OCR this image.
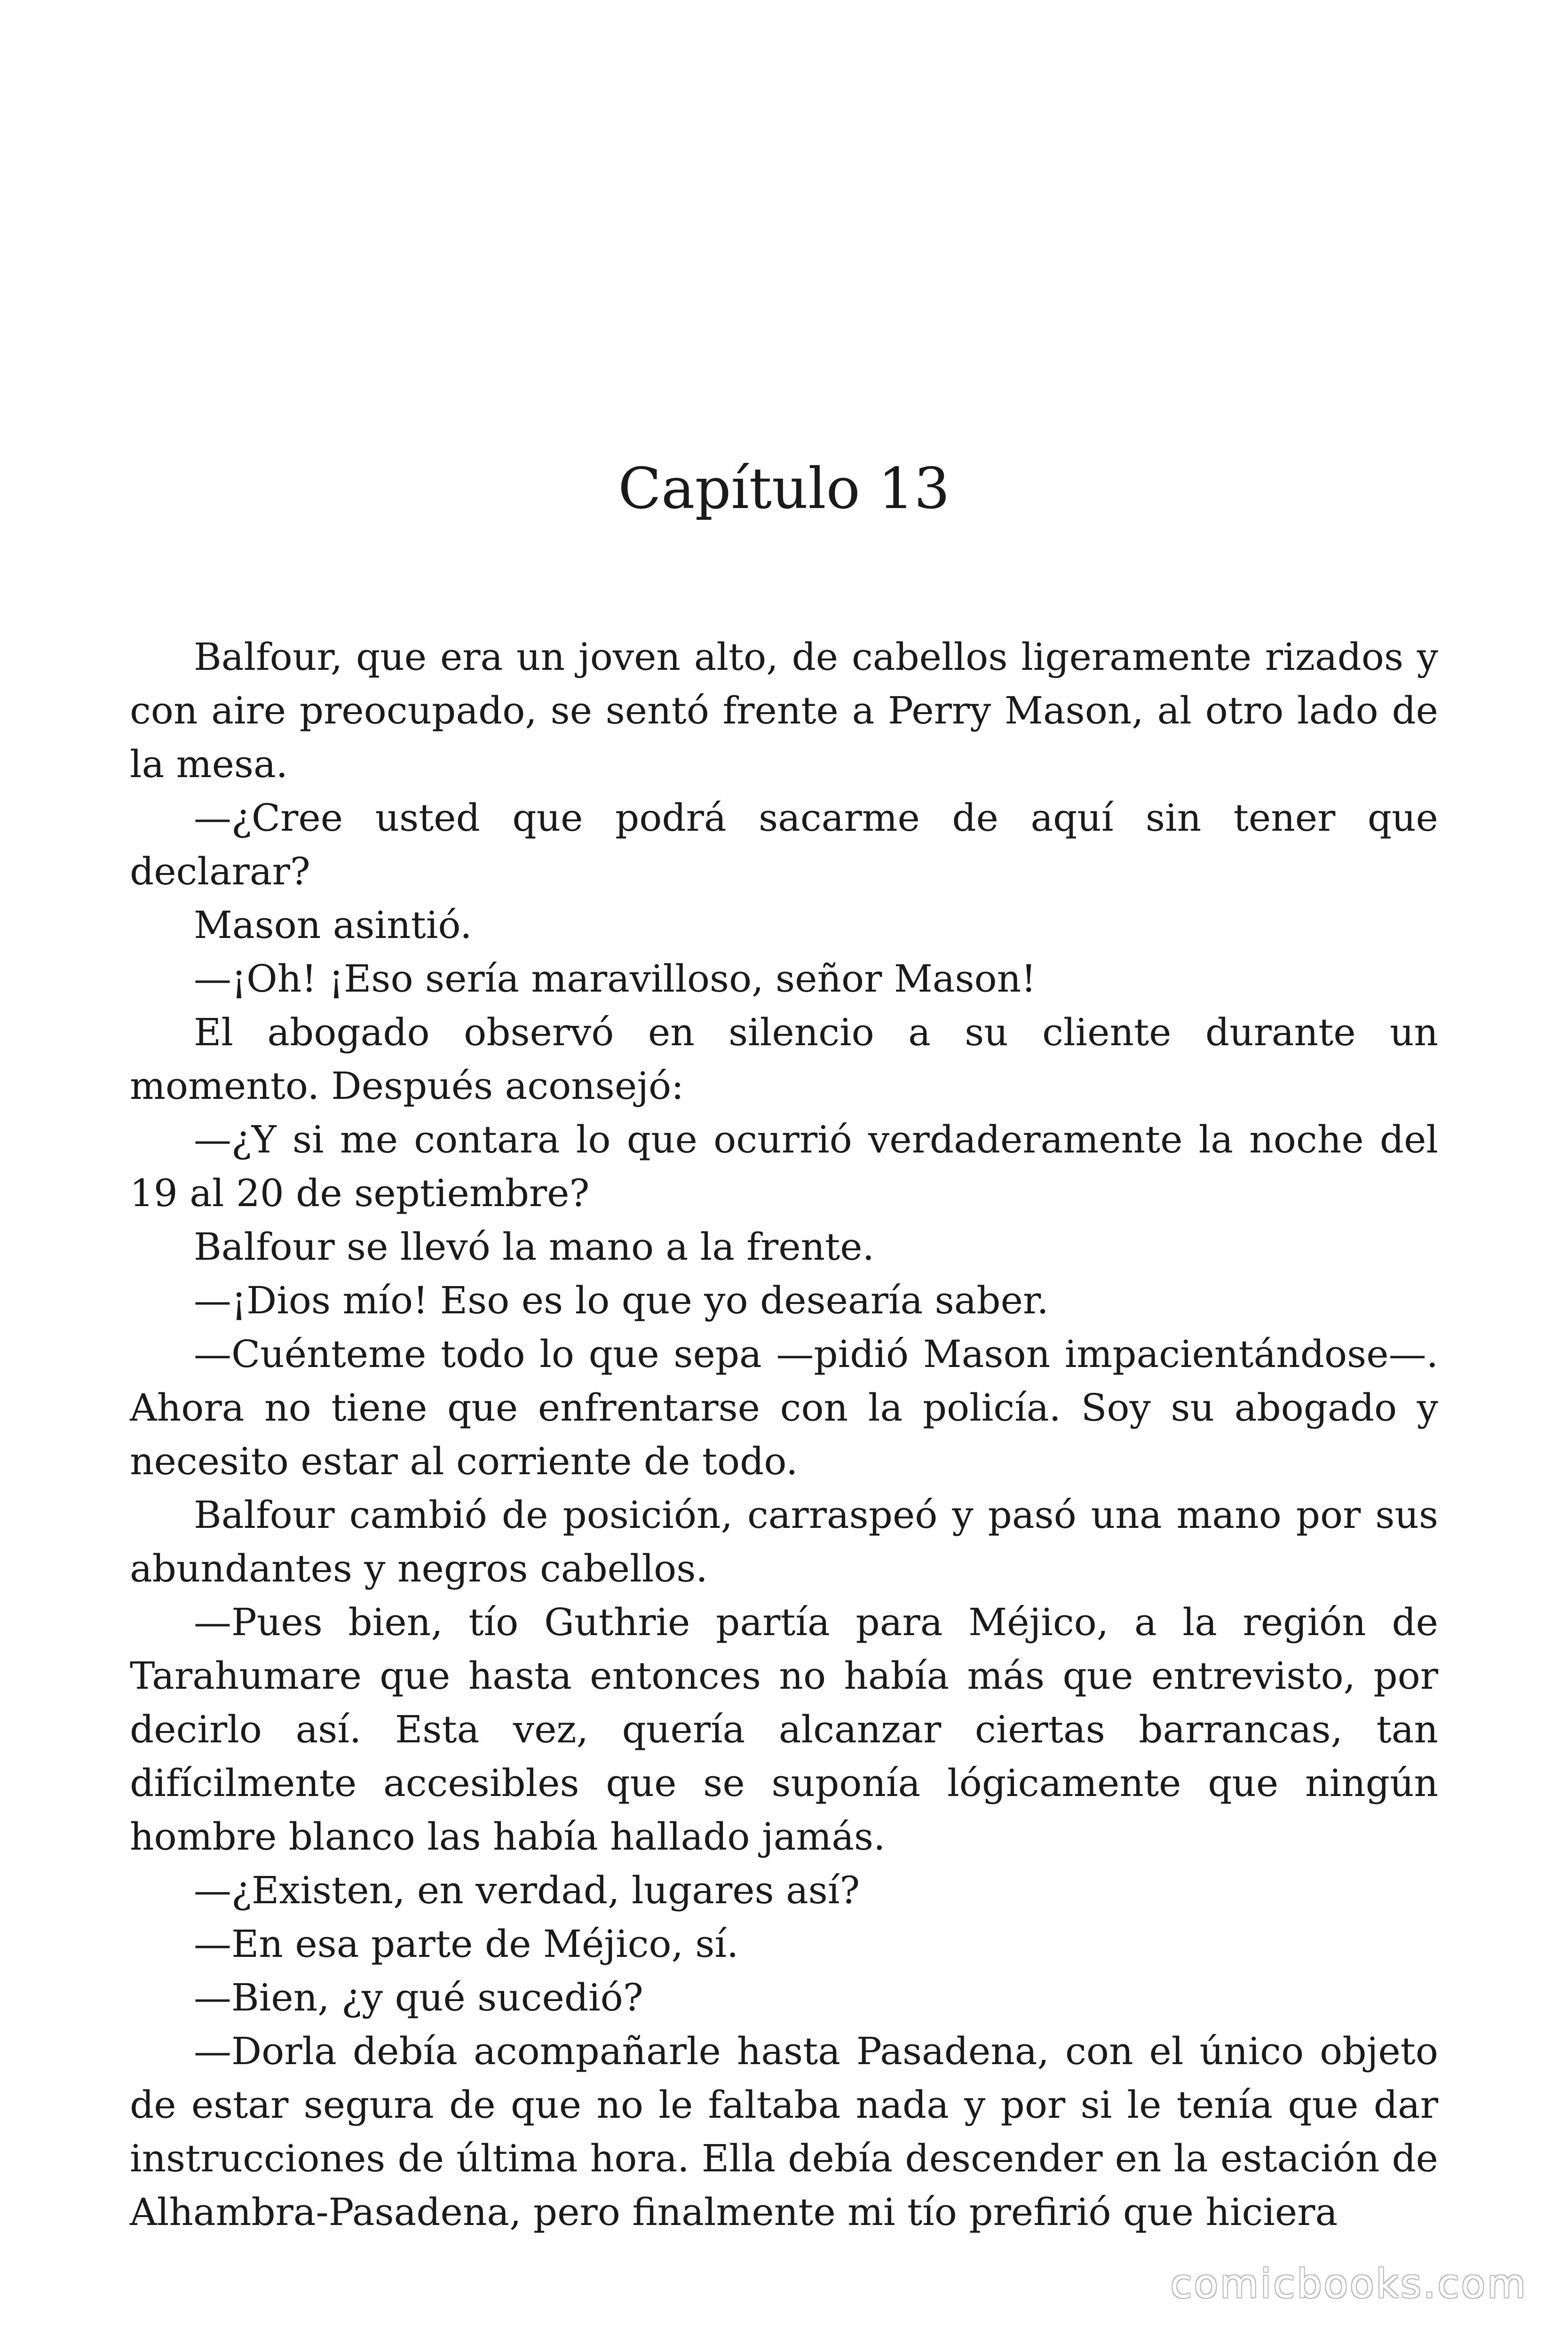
Capítulo 13

Balfour, que era un joven alto, de cabellos ligeramente rizados y con aire preocupado, se sentó frente a Perry Mason, al otro lado de la mesa.

—¿Cree usted que podrá sacarme de aquí sin tener que declarar?

Mason asintió.

—¡Oh! ¡Eso sería maravilloso, señor Mason!

El abogado observó en silencio a su cliente durante un momento. Después aconsejó:

—¿Y si me contara lo que ocurrió verdaderamente la noche del 19 al 20 de septiembre?

Balfour se llevó la mano a la frente.

—¡Dios mío! Eso es lo que yo desearía saber.

—Cuénteme todo lo que sepa —pidió Mason impacientándose—. Ahora no tiene que enfrentarse con la policía. Soy su abogado y necesito estar al corriente de todo.

Balfour cambió de posición, carraspeó y pasó una mano por sus abundantes y negros cabellos.

—Pues bien, tío Guthrie partía para Méjico, a la región de Tarahumare que hasta entonces no había más que entrevisto, por decirlo así. Esta vez, quería alcanzar ciertas barrancas, tan difícilmente accesibles que se suponía lógicamente que ningún hombre blanco las había hallado jamás.

—¿Existen, en verdad, lugares así?

—En esa parte de Méjico, sí.

—Bien, ¿y qué sucedió?

—Dorla debía acompañarle hasta Pasadena, con el único objeto de estar segura de que no le faltaba nada y por si le tenía que dar instrucciones de última hora. Ella debía descender en la estación de Alhambra-Pasadena, pero finalmente mi tío prefirió que hiciera

comicbooks.com
